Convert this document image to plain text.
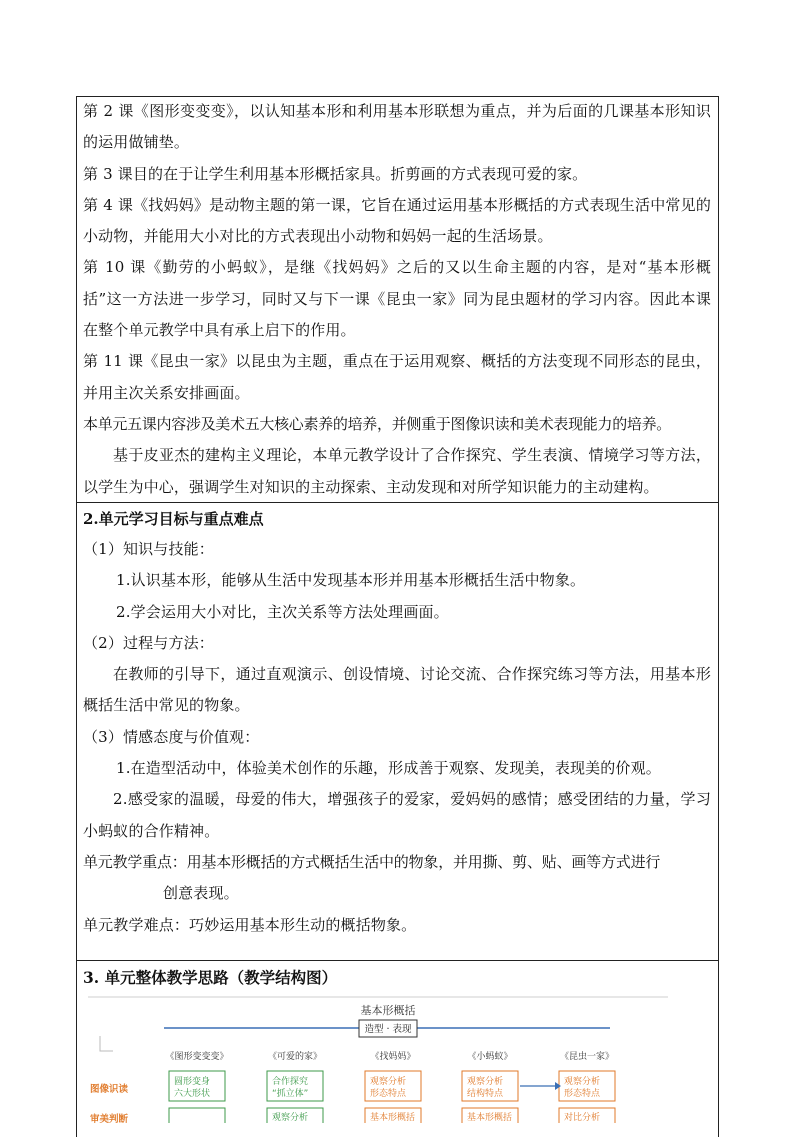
第 2 课《图形变变变》，以认知基本形和利用基本形联想为重点，并为后面的几课基本形知识的运用做铺垫。

第 3 课目的在于让学生利用基本形概括家具。折剪画的方式表现可爱的家。

第 4 课《找妈妈》是动物主题的第一课，它旨在通过运用基本形概括的方式表现生活中常见的小动物，并能用大小对比的方式表现出小动物和妈妈一起的生活场景。

第 10 课《勤劳的小蚂蚁》，是继《找妈妈》之后的又以生命主题的内容，是对“基本形概括”这一方法进一步学习，同时又与下一课《昆虫一家》同为昆虫题材的学习内容。因此本课在整个单元教学中具有承上启下的作用。

第 11 课《昆虫一家》以昆虫为主题，重点在于运用观察、概括的方法变现不同形态的昆虫，并用主次关系安排画面。

本单元五课内容涉及美术五大核心素养的培养，并侧重于图像识读和美术表现能力的培养。

基于皮亚杰的建构主义理论，本单元教学设计了合作探究、学生表演、情境学习等方法，以学生为中心，强调学生对知识的主动探索、主动发现和对所学知识能力的主动建构。

2.单元学习目标与重点难点

（1）知识与技能：

1.认识基本形，能够从生活中发现基本形并用基本形概括生活中物象。

2.学会运用大小对比，主次关系等方法处理画面。

（2）过程与方法：

在教师的引导下，通过直观演示、创设情境、讨论交流、合作探究练习等方法，用基本形概括生活中常见的物象。

（3）情感态度与价值观：

1.在造型活动中，体验美术创作的乐趣，形成善于观察、发现美，表现美的价观。

2.感受家的温暖，母爱的伟大，增强孩子的爱家，爱妈妈的感情；感受团结的力量，学习小蚂蚁的合作精神。

单元教学重点：用基本形概括的方式概括生活中的物象，并用撕、剪、贴、画等方式进行

创意表现。

单元教学难点：巧妙运用基本形生动的概括物象。

3. 单元整体教学思路（教学结构图）

基本形概括
造型 · 表现
《图形变变变》	《可爱的家》	《找妈妈》	《小蚂蚁》	《昆虫一家》
图像识读
审美判断
圆形变身
六大形状
合作探究
“抓立体”
观察分析
形态特点
观察分析
结构特点
观察分析
形态特点
观察分析	基本形概括	基本形概括	对比分析
